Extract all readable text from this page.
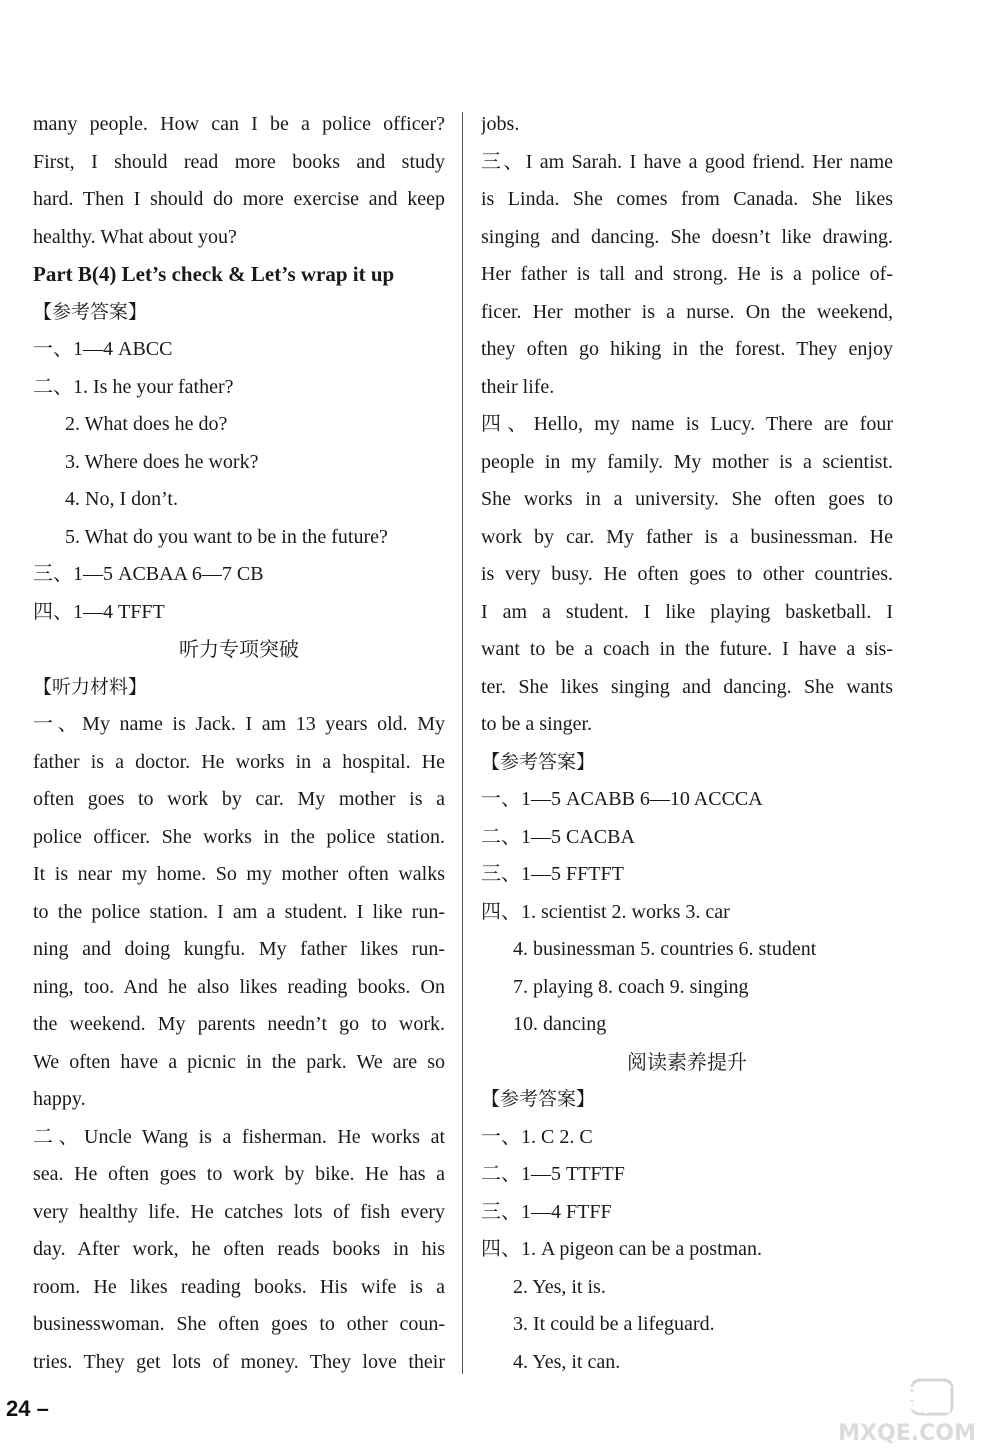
many people. How can I be a police officer?
First, I should read more books and study
hard. Then I should do more exercise and keep
healthy. What about you?
Part B(4) Let’s check & Let’s wrap it up
【参考答案】
一、1—4 ABCC
二、1. Is he your father?
2. What does he do?
3. Where does he work?
4. No, I don’t.
5. What do you want to be in the future?
三、1—5 ACBAA 6—7 CB
四、1—4 TFFT
听力专项突破
【听力材料】
一、My name is Jack. I am 13 years old. My
father is a doctor. He works in a hospital. He
often goes to work by car. My mother is a
police officer. She works in the police station.
It is near my home. So my mother often walks
to the police station. I am a student. I like run-
ning and doing kungfu. My father likes run-
ning, too. And he also likes reading books. On
the weekend. My parents needn’t go to work.
We often have a picnic in the park. We are so
happy.
二、Uncle Wang is a fisherman. He works at
sea. He often goes to work by bike. He has a
very healthy life. He catches lots of fish every
day. After work, he often reads books in his
room. He likes reading books. His wife is a
businesswoman. She often goes to other coun-
tries. They get lots of money. They love their
jobs.
三、I am Sarah. I have a good friend. Her name
is Linda. She comes from Canada. She likes
singing and dancing. She doesn’t like drawing.
Her father is tall and strong. He is a police of-
ficer. Her mother is a nurse. On the weekend,
they often go hiking in the forest. They enjoy
their life.
四、Hello, my name is Lucy. There are four
people in my family. My mother is a scientist.
She works in a university. She often goes to
work by car. My father is a businessman. He
is very busy. He often goes to other countries.
I am a student. I like playing basketball. I
want to be a coach in the future. I have a sis-
ter. She likes singing and dancing. She wants
to be a singer.
【参考答案】
一、1—5 ACABB 6—10 ACCCA
二、1—5 CACBA
三、1—5 FFTFT
四、1. scientist 2. works 3. car
4. businessman 5. countries 6. student
7. playing 8. coach 9. singing
10. dancing
阅读素养提升
【参考答案】
一、1. C 2. C
二、1—5 TTFTF
三、1—4 FTFF
四、1. A pigeon can be a postman.
2. Yes, it is.
3. It could be a lifeguard.
4. Yes, it can.
24 –	答案圈
MXQE.COM
